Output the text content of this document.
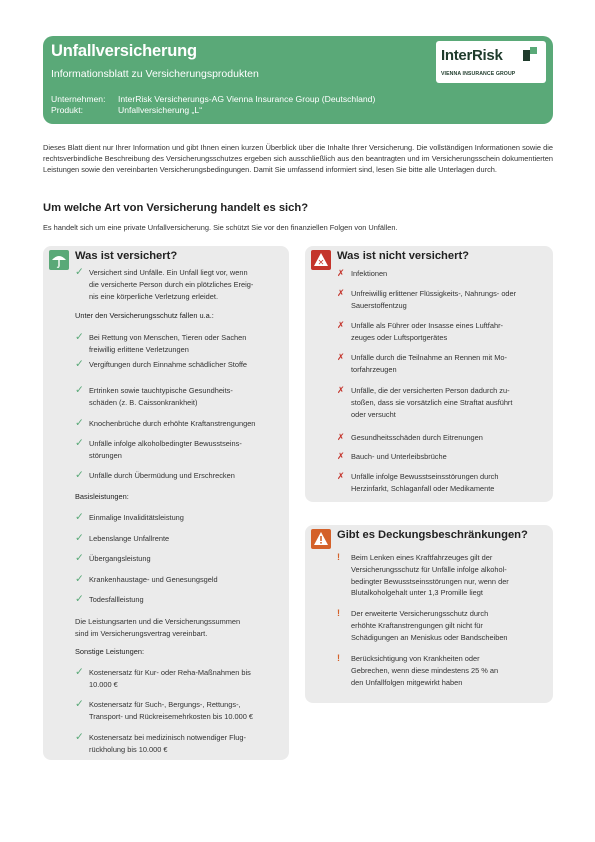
Unfallversicherung
Informationsblatt zu Versicherungsprodukten
Unternehmen: InterRisk Versicherungs-AG Vienna Insurance Group (Deutschland)
Produkt:	Unfallversicherung „L“
InterRisk
VIENNA INSURANCE GROUP
Dieses Blatt dient nur Ihrer Information und gibt Ihnen einen kurzen Überblick über die Inhalte Ihrer Versicherung. Die vollständigen Informationen sowie die rechtsverbindliche Beschreibung des Versicherungsschutzes ergeben sich ausschließlich aus den beantragten und im Versicherungsschein dokumentierten Leistungen sowie den vereinbarten Versicherungsbedingungen. Damit Sie umfassend informiert sind, lesen Sie bitte alle Unterlagen durch.
Um welche Art von Versicherung handelt es sich?
Es handelt sich um eine private Unfallversicherung. Sie schützt Sie vor den finanziellen Folgen von Unfällen.
Was ist versichert?
✓ Versichert sind Unfälle. Ein Unfall liegt vor, wenn
die versicherte Person durch ein plötzliches Ereig-
nis eine körperliche Verletzung erleidet.
Unter den Versicherungsschutz fallen u.a.:
✓ Bei Rettung von Menschen, Tieren oder Sachen
freiwillig erlittene Verletzungen
✓ Vergiftungen durch Einnahme schädlicher Stoffe
✓ Ertrinken sowie tauchtypische Gesundheits-
schäden (z. B. Caissonkrankheit)
✓ Knochenbrüche durch erhöhte Kraftanstrengungen
✓ Unfälle infolge alkoholbedingter Bewusstseins-
störungen
✓ Unfälle durch Übermüdung und Erschrecken
Basisleistungen:
✓ Einmalige Invaliditätsleistung
✓ Lebenslange Unfallrente
✓ Übergangsleistung
✓ Krankenhaustage- und Genesungsgeld
✓ Todesfallleistung
Die Leistungsarten und die Versicherungssummen
sind im Versicherungsvertrag vereinbart.
Sonstige Leistungen:
✓ Kostenersatz für Kur- oder Reha-Maßnahmen bis
10.000 €
✓ Kostenersatz für Such-, Bergungs-, Rettungs-,
Transport- und Rückreisemehrkosten bis 10.000 €
✓ Kostenersatz bei medizinisch notwendiger Flug-
rückholung bis 10.000 €
✕
Was ist nicht versichert?
✗ Infektionen
✗ Unfreiwillig erlittener Flüssigkeits-, Nahrungs- oder
Sauerstoffentzug
✗ Unfälle als Führer oder Insasse eines Luftfahr-
zeuges oder Luftsportgerätes
✗ Unfälle durch die Teilnahme an Rennen mit Mo-
torfahrzeugen
✗ Unfälle, die der versicherten Person dadurch zu-
stoßen, dass sie vorsätzlich eine Straftat ausführt
oder versucht
✗ Gesundheitsschäden durch Eitrenungen
✗ Bauch- und Unterleibsbrüche
✗ Unfälle infolge Bewusstseinsstörungen durch
Herzinfarkt, Schlaganfall oder Medikamente
Gibt es Deckungsbeschränkungen?
! Beim Lenken eines Kraftfahrzeuges gilt der
Versicherungsschutz für Unfälle infolge alkohol-
bedingter Bewusstseinsstörungen nur, wenn der
Blutalkoholgehalt unter 1,3 Promille liegt
! Der erweiterte Versicherungsschutz durch
erhöhte Kraftanstrengungen gilt nicht für
Schädigungen an Meniskus oder Bandscheiben
! Berücksichtigung von Krankheiten oder
Gebrechen, wenn diese mindestens 25 % an
den Unfallfolgen mitgewirkt haben
